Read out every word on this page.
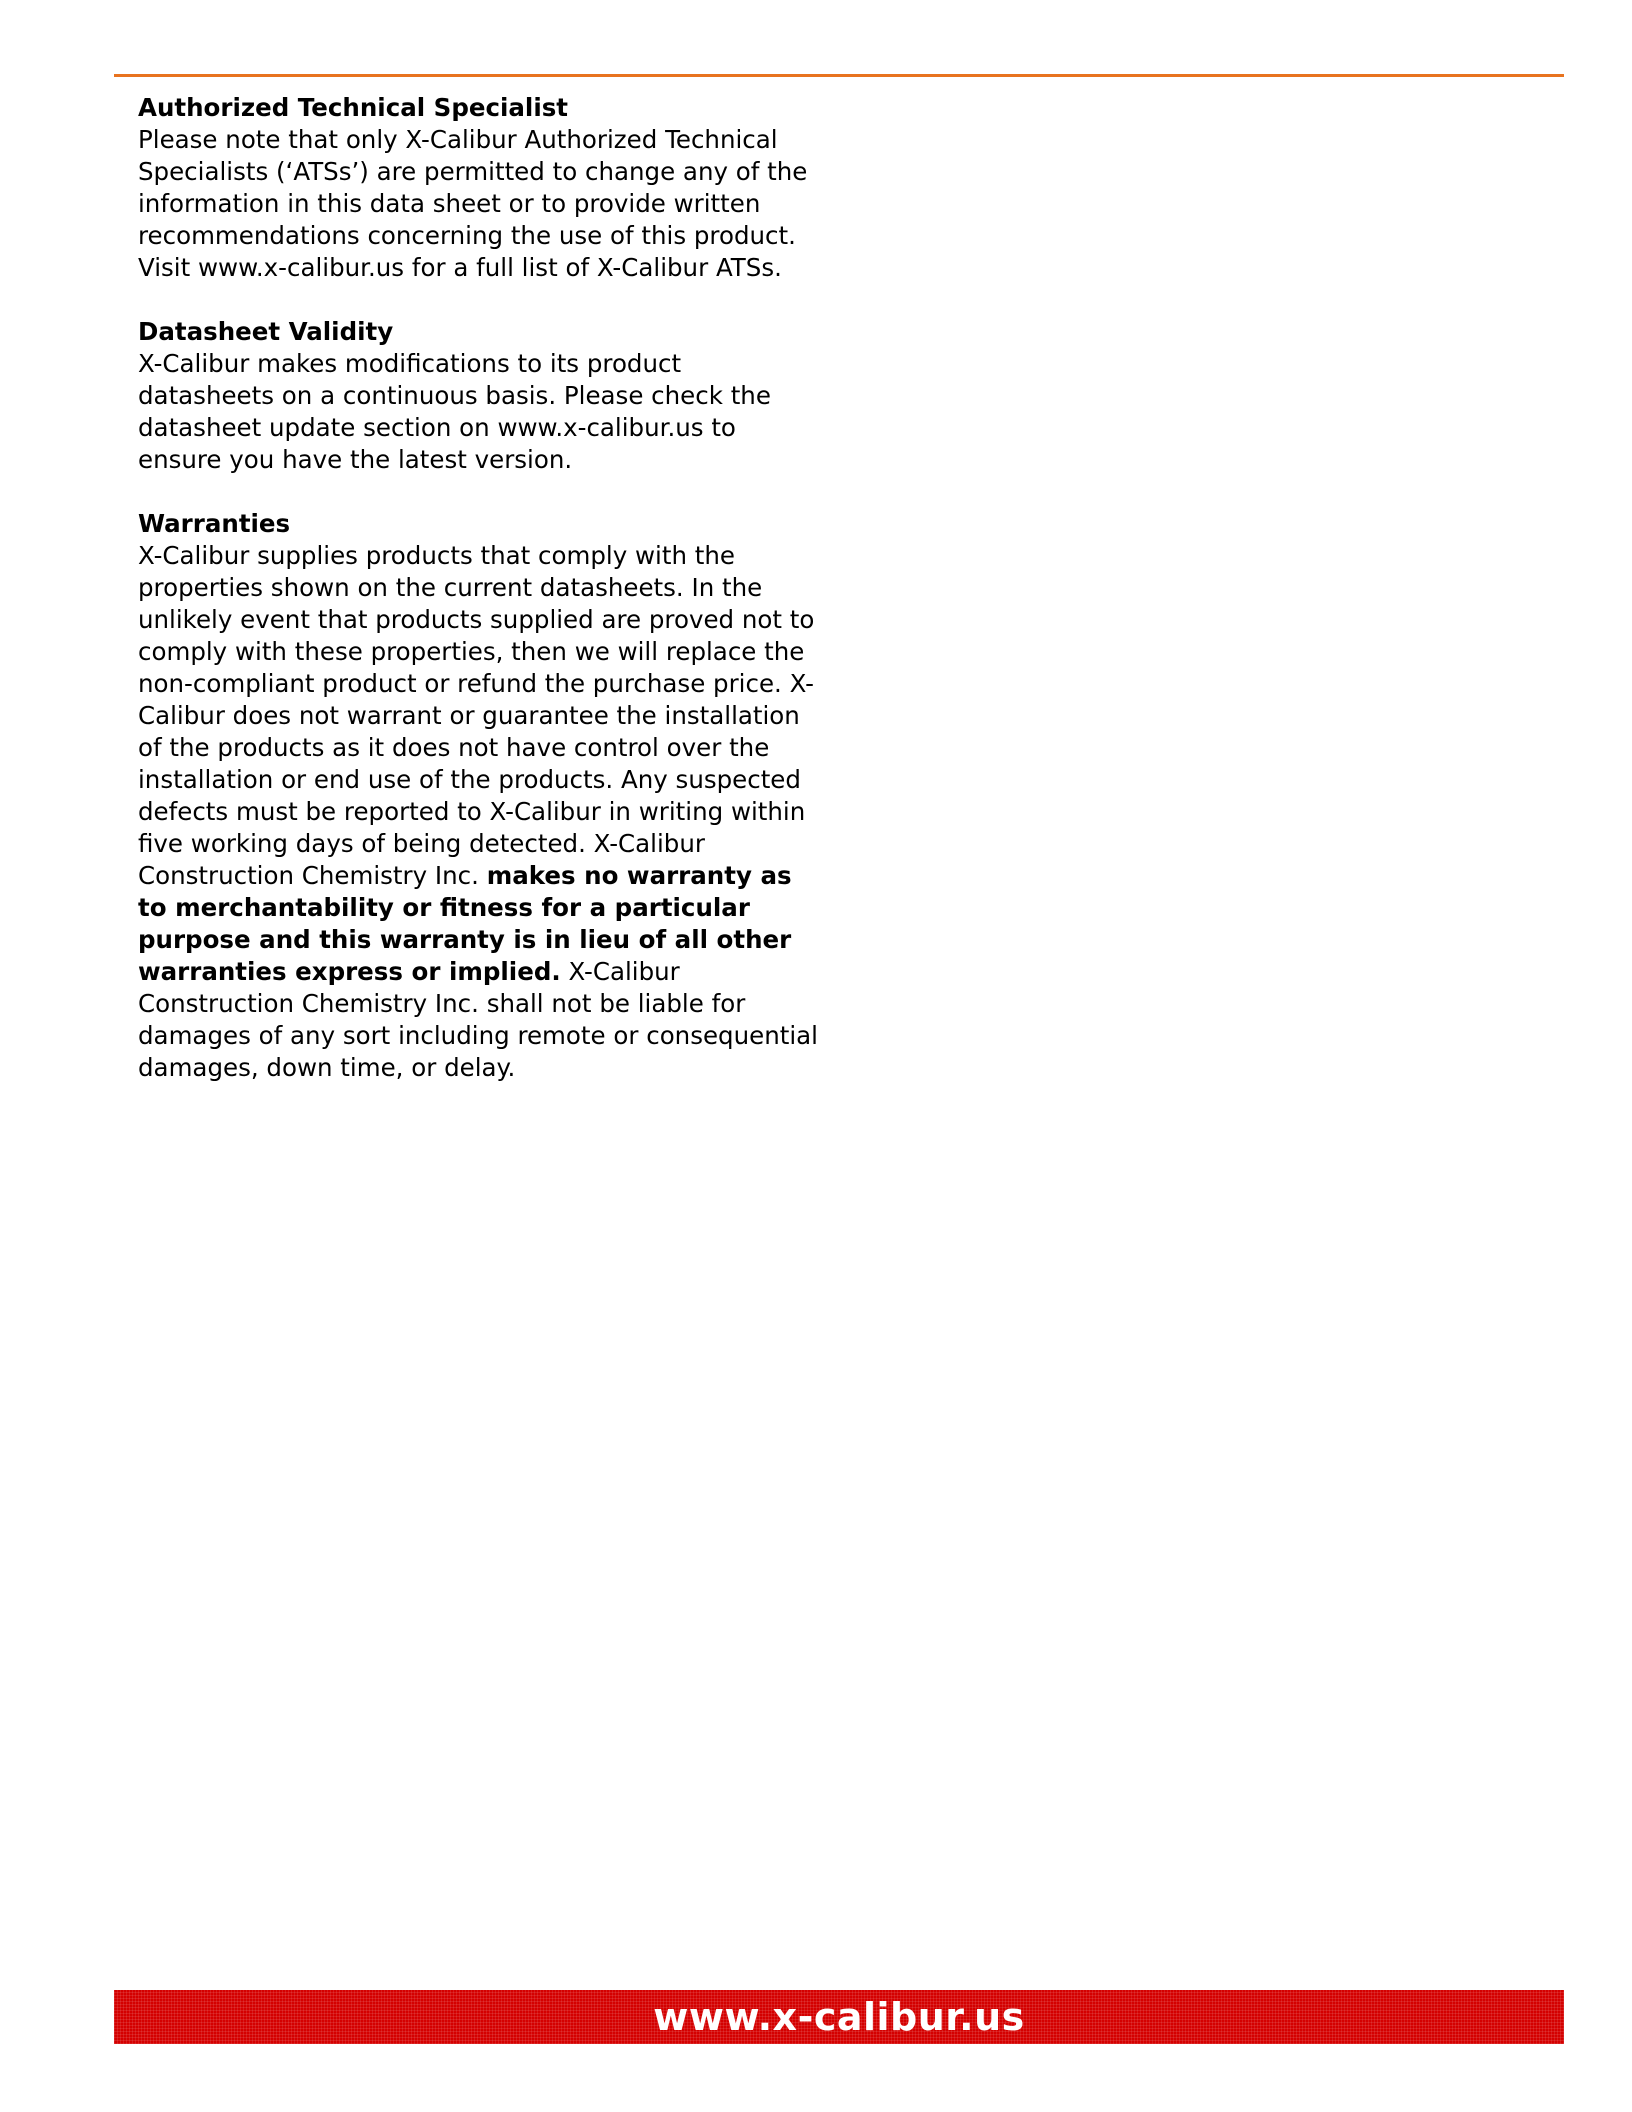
Authorized Technical Specialist

Please note that only X-Calibur Authorized Technical Specialists (‘ATSs’) are permitted to change any of the information in this data sheet or to provide written recommendations concerning the use of this product. Visit www.x-calibur.us for a full list of X-Calibur ATSs.

Datasheet Validity

X-Calibur makes modifications to its product datasheets on a continuous basis. Please check the datasheet update section on www.x-calibur.us to ensure you have the latest version.

Warranties

X-Calibur supplies products that comply with the properties shown on the current datasheets. In the unlikely event that products supplied are proved not to comply with these properties, then we will replace the non-compliant product or refund the purchase price. X-Calibur does not warrant or guarantee the installation of the products as it does not have control over the installation or end use of the products. Any suspected defects must be reported to X-Calibur in writing within five working days of being detected. X-Calibur Construction Chemistry Inc. makes no warranty as to merchantability or fitness for a particular purpose and this warranty is in lieu of all other warranties express or implied. X-Calibur Construction Chemistry Inc. shall not be liable for damages of any sort including remote or consequential damages, down time, or delay.

www.x-calibur.us
